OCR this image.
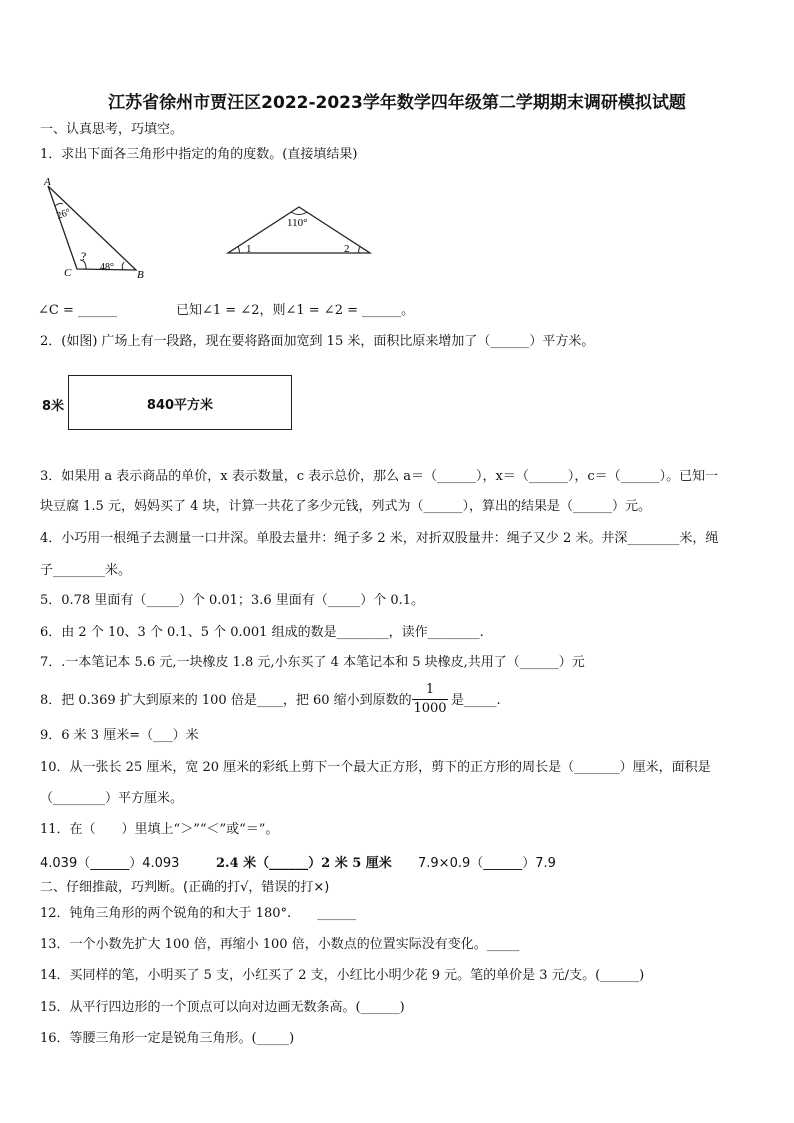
江苏省徐州市贾汪区2022-2023学年数学四年级第二学期期末调研模拟试题
一、认真思考，巧填空。
1．求出下面各三角形中指定的角的度数。(直接填结果)
A
B
C
26°
48°
?
110°
1	2
∠C = ______	已知∠1 = ∠2，则∠1 = ∠2 = ______。
2．(如图) 广场上有一段路，现在要将路面加宽到 15 米，面积比原来增加了（______）平方米。
8米	840平方米
3．如果用 a 表示商品的单价，x 表示数量，c 表示总价，那么 a＝（______），x＝（______），c＝（______）。已知一
块豆腐 1.5 元，妈妈买了 4 块，计算一共花了多少元钱，列式为（______），算出的结果是（______）元。
4．小巧用一根绳子去测量一口井深。单股去量井：绳子多 2 米，对折双股量井：绳子又少 2 米。井深________米，绳
子________米。
5．0.78 里面有（_____）个 0.01；3.6 里面有（_____）个 0.1。
6．由 2 个 10、3 个 0.1、5 个 0.001 组成的数是________，读作________.
7．.一本笔记本 5.6 元,一块橡皮 1.8 元,小东买了 4 本笔记本和 5 块橡皮,共用了（______）元
8．把 0.369 扩大到原来的 100 倍是____，把 60 缩小到原数的
1
1000
是_____.
9．6 米 3 厘米=（___）米
10．从一张长 25 厘米，宽 20 厘米的彩纸上剪下一个最大正方形，剪下的正方形的周长是（_______）厘米，面积是
（________）平方厘米。
11．在（　　）里填上“＞”“＜”或“＝”。
4.039（______）4.093	2.4 米（______）2 米 5 厘米 7.9×0.9（______）7.9
二、仔细推敲，巧判断。(正确的打√，错误的打×)
12．钝角三角形的两个锐角的和大于 180°.　　______
13．一个小数先扩大 100 倍，再缩小 100 倍，小数点的位置实际没有变化。_____
14．买同样的笔，小明买了 5 支，小红买了 2 支，小红比小明少花 9 元。笔的单价是 3 元/支。(______)
15．从平行四边形的一个顶点可以向对边画无数条高。(______)
16．等腰三角形一定是锐角三角形。(_____)
